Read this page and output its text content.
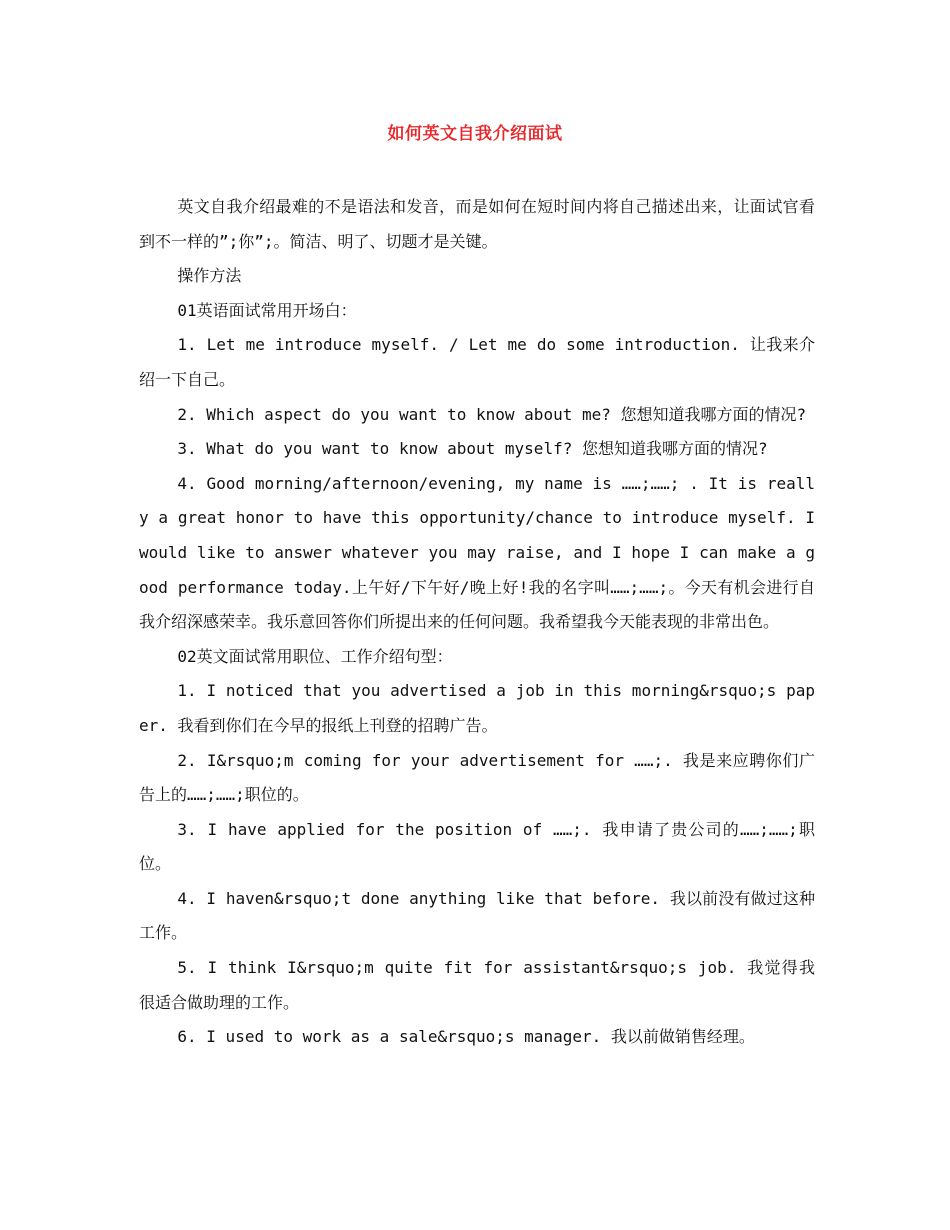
如何英文自我介绍面试

英文自我介绍最难的不是语法和发音，而是如何在短时间内将自己描述出来，让面试官看到不一样的”;你”;。简洁、明了、切题才是关键。

操作方法

01英语面试常用开场白：

1. Let me introduce myself. / Let me do some introduction. 让我来介绍一下自己。

2. Which aspect do you want to know about me? 您想知道我哪方面的情况?

3. What do you want to know about myself? 您想知道我哪方面的情况?

4. Good morning/afternoon/evening, my name is ……;……; . It is really a great honor to have this opportunity/chance to introduce myself. I would like to answer whatever you may raise, and I hope I can make a good performance today.上午好/下午好/晚上好!我的名字叫……;……;。今天有机会进行自我介绍深感荣幸。我乐意回答你们所提出来的任何问题。我希望我今天能表现的非常出色。

02英文面试常用职位、工作介绍句型：

1. I noticed that you advertised a job in this morning&rsquo;s paper. 我看到你们在今早的报纸上刊登的招聘广告。

2. I&rsquo;m coming for your advertisement for ……;. 我是来应聘你们广告上的……;……;职位的。

3. I have applied for the position of ……;. 我申请了贵公司的……;……;职位。

4. I haven&rsquo;t done anything like that before. 我以前没有做过这种工作。

5. I think I&rsquo;m quite fit for assistant&rsquo;s job. 我觉得我很适合做助理的工作。

6. I used to work as a sale&rsquo;s manager. 我以前做销售经理。
